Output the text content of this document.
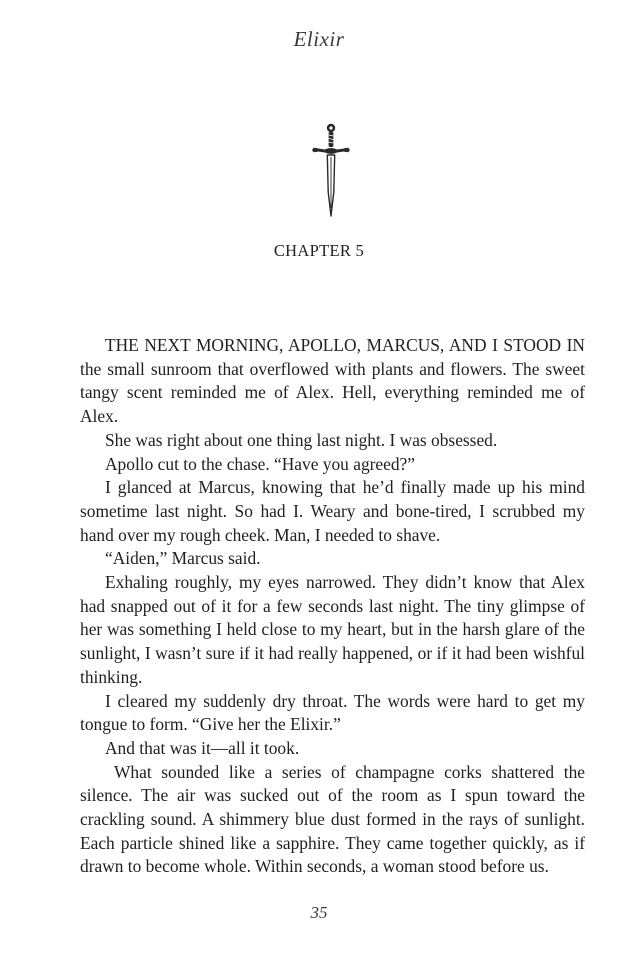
Elixir
CHAPTER 5

THE NEXT MORNING, APOLLO, MARCUS, AND I STOOD IN the small sunroom that overflowed with plants and flowers. The sweet tangy scent reminded me of Alex. Hell, everything reminded me of Alex.

She was right about one thing last night. I was obsessed.

Apollo cut to the chase. “Have you agreed?”

I glanced at Marcus, knowing that he’d finally made up his mind sometime last night. So had I. Weary and bone-tired, I scrubbed my hand over my rough cheek. Man, I needed to shave.

“Aiden,” Marcus said.

Exhaling roughly, my eyes narrowed. They didn’t know that Alex had snapped out of it for a few seconds last night. The tiny glimpse of her was something I held close to my heart, but in the harsh glare of the sunlight, I wasn’t sure if it had really happened, or if it had been wishful thinking.

I cleared my suddenly dry throat. The words were hard to get my tongue to form. “Give her the Elixir.”

And that was it—all it took.

What sounded like a series of champagne corks shattered the silence. The air was sucked out of the room as I spun toward the crackling sound. A shimmery blue dust formed in the rays of sunlight. Each particle shined like a sapphire. They came together quickly, as if drawn to become whole. Within seconds, a woman stood before us.

35
